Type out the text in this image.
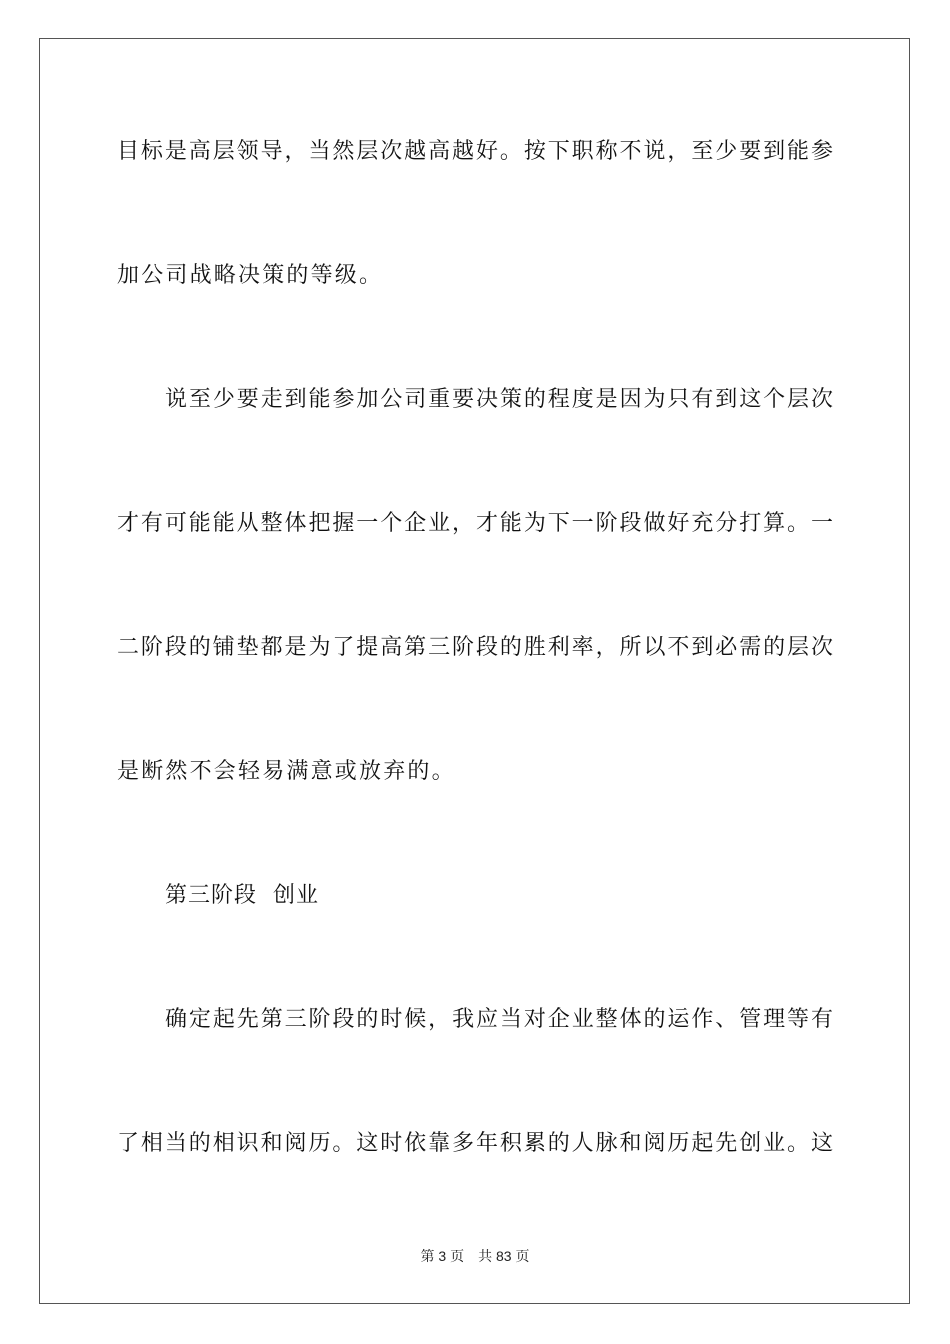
目标是高层领导，当然层次越高越好。按下职称不说，至少要到能参
加公司战略决策的等级。
说至少要走到能参加公司重要决策的程度是因为只有到这个层次
才有可能能从整体把握一个企业，才能为下一阶段做好充分打算。一
二阶段的铺垫都是为了提高第三阶段的胜利率，所以不到必需的层次
是断然不会轻易满意或放弃的。
第三阶段  创业
确定起先第三阶段的时候，我应当对企业整体的运作、管理等有
了相当的相识和阅历。这时依靠多年积累的人脉和阅历起先创业。这
第 3 页　共 83 页
